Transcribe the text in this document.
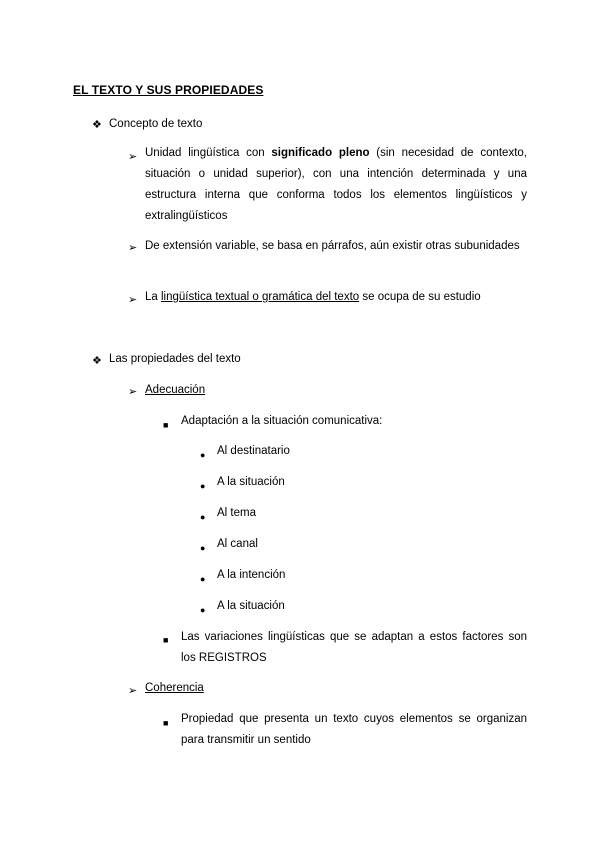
EL TEXTO Y SUS PROPIEDADES
❖ Concepto de texto
➢ Unidad lingüística con significado pleno (sin necesidad de contexto, situación o unidad superior), con una intención determinada y una estructura interna que conforma todos los elementos lingüísticos y extralingüísticos
➢ De extensión variable, se basa en párrafos, aún existir otras subunidades
➢ La lingüística textual o gramática del texto se ocupa de su estudio
❖ Las propiedades del texto
➢ Adecuación
■ Adaptación a la situación comunicativa:
● Al destinatario
● A la situación
● Al tema
● Al canal
● A la intención
● A la situación
■ Las variaciones lingüísticas que se adaptan a estos factores son los REGISTROS
➢ Coherencia
■ Propiedad que presenta un texto cuyos elementos se organizan para transmitir un sentido
